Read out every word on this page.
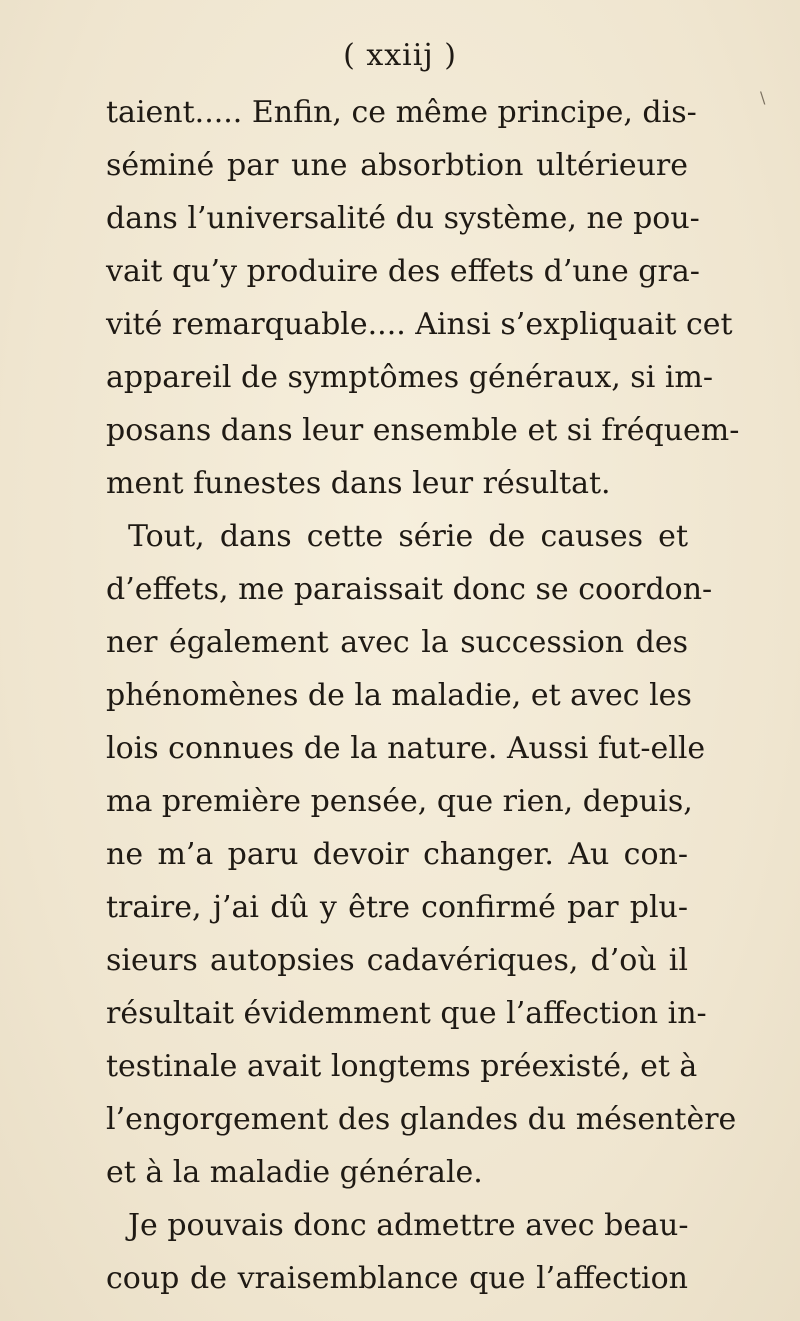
( xxiij )
\
taient..... Enfin, ce même principe, dis-
séminé par une absorbtion ultérieure
dans l’universalité du système, ne pou-
vait qu’y produire des effets d’une gra-
vité remarquable.... Ainsi s’expliquait cet
appareil de symptômes généraux, si im-
posans dans leur ensemble et si fréquem-
ment funestes dans leur résultat.
Tout, dans cette série de causes et
d’effets, me paraissait donc se coordon-
ner également avec la succession des
phénomènes de la maladie, et avec les
lois connues de la nature. Aussi fut-elle
ma première pensée, que rien, depuis,
ne m’a paru devoir changer. Au con-
traire, j’ai dû y être confirmé par plu-
sieurs autopsies cadavériques, d’où il
résultait évidemment que l’affection in-
testinale avait longtems préexisté, et à
l’engorgement des glandes du mésentère
et à la maladie générale.
Je pouvais donc admettre avec beau-
coup de vraisemblance que l’affection
